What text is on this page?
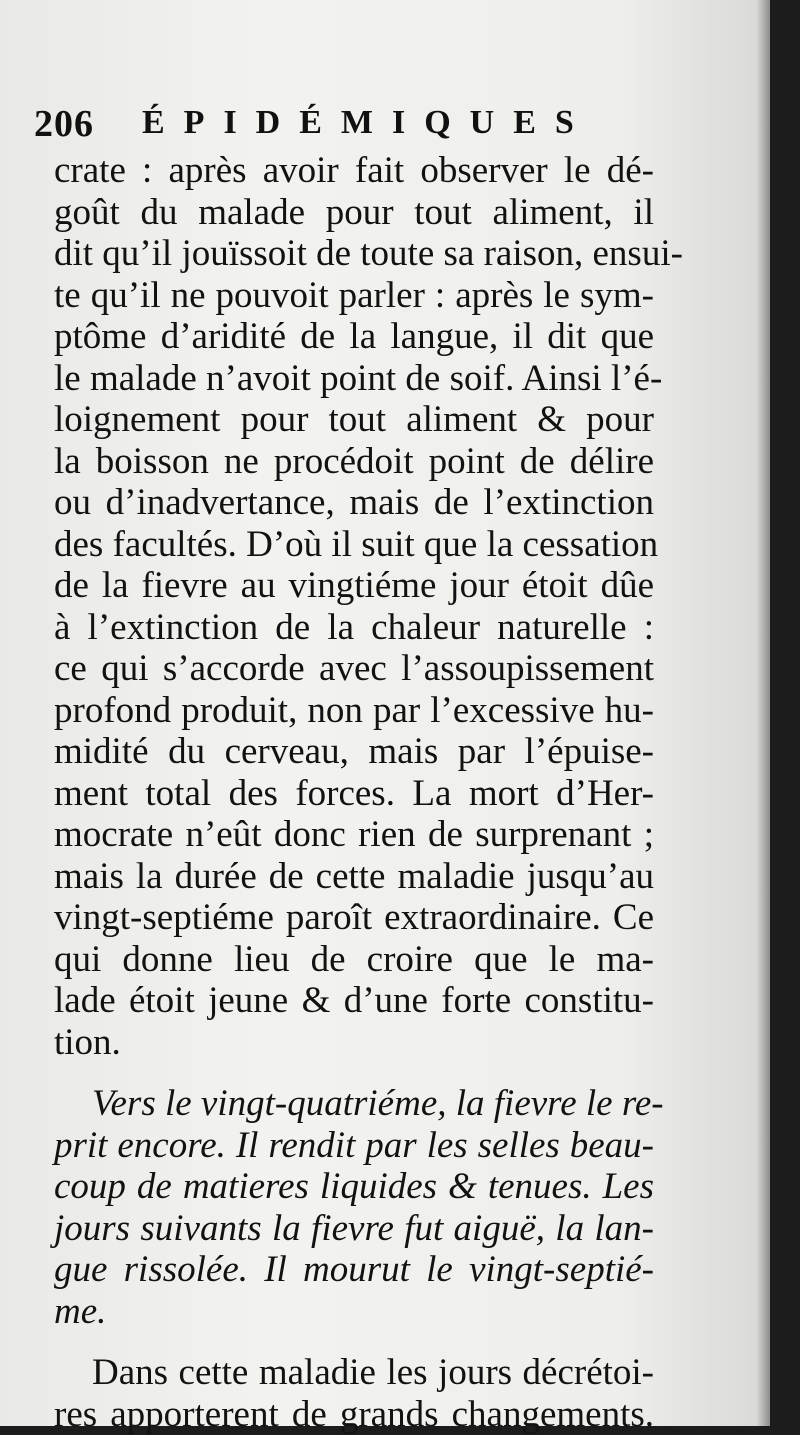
206 ÉPIDÉMIQUES
crate : après avoir fait observer le dé-
goût du malade pour tout aliment, il
dit qu’il jouïssoit de toute sa raison, ensui-
te qu’il ne pouvoit parler : après le sym-
ptôme d’aridité de la langue, il dit que
le malade n’avoit point de soif. Ainsi l’é-
loignement pour tout aliment & pour
la boisson ne procédoit point de délire
ou d’inadvertance, mais de l’extinction
des facultés. D’où il suit que la cessation
de la fievre au vingtiéme jour étoit dûe
à l’extinction de la chaleur naturelle :
ce qui s’accorde avec l’assoupissement
profond produit, non par l’excessive hu-
midité du cerveau, mais par l’épuise-
ment total des forces. La mort d’Her-
mocrate n’eût donc rien de surprenant ;
mais la durée de cette maladie jusqu’au
vingt-septiéme paroît extraordinaire. Ce
qui donne lieu de croire que le ma-
lade étoit jeune & d’une forte constitu-
tion.
Vers le vingt-quatriéme, la fievre le re-
prit encore. Il rendit par les selles beau-
coup de matieres liquides & tenues. Les
jours suivants la fievre fut aiguë, la lan-
gue rissolée. Il mourut le vingt-septié-
me.
Dans cette maladie les jours décrétoi-
res apporterent de grands changements.
